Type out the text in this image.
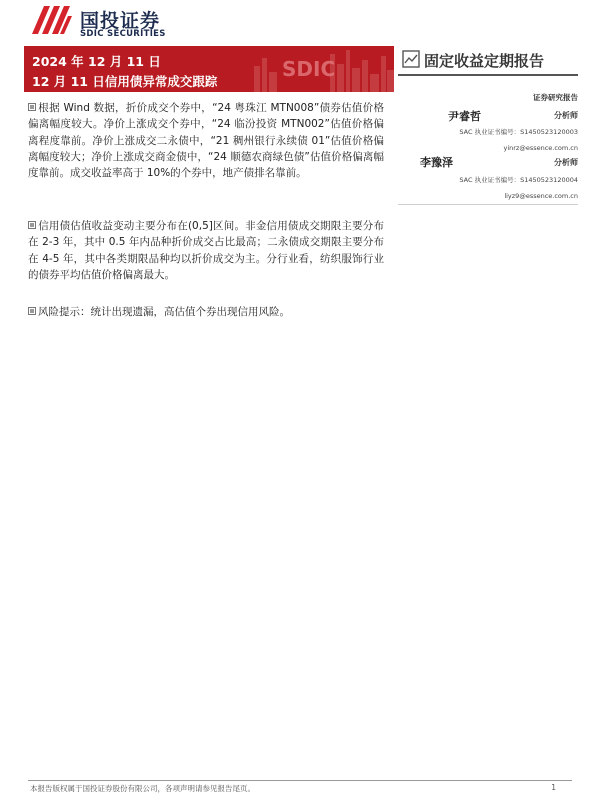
国投证券
SDIC SECURITIES
SDIC
2024 年 12 月 11 日
12 月 11 日信用债异常成交跟踪
固定收益定期报告
根据 Wind 数据，折价成交个券中，“24 粤珠江 MTN008”债券估值价格偏离幅度较大。净价上涨成交个券中，“24 临汾投资 MTN002”估值价格偏离程度靠前。净价上涨成交二永债中，“21 稠州银行永续债 01”估值价格偏离幅度较大；净价上涨成交商金债中，“24 顺德农商绿色债”估值价格偏离幅度靠前。成交收益率高于 10%的个券中，地产债排名靠前。
信用债估值收益变动主要分布在(0,5]区间。非金信用债成交期限主要分布在 2-3 年，其中 0.5 年内品种折价成交占比最高；二永债成交期限主要分布在 4-5 年，其中各类期限品种均以折价成交为主。分行业看，纺织服饰行业的债券平均估值价格偏离最大。
风险提示：统计出现遗漏，高估值个券出现信用风险。
证券研究报告
尹睿哲	分析师
SAC 执业证书编号：S1450523120003
yinrz@essence.com.cn
李豫泽	分析师
SAC 执业证书编号：S1450523120004
liyz9@essence.com.cn
本报告版权属于国投证券股份有限公司，各项声明请参见报告尾页。	1
